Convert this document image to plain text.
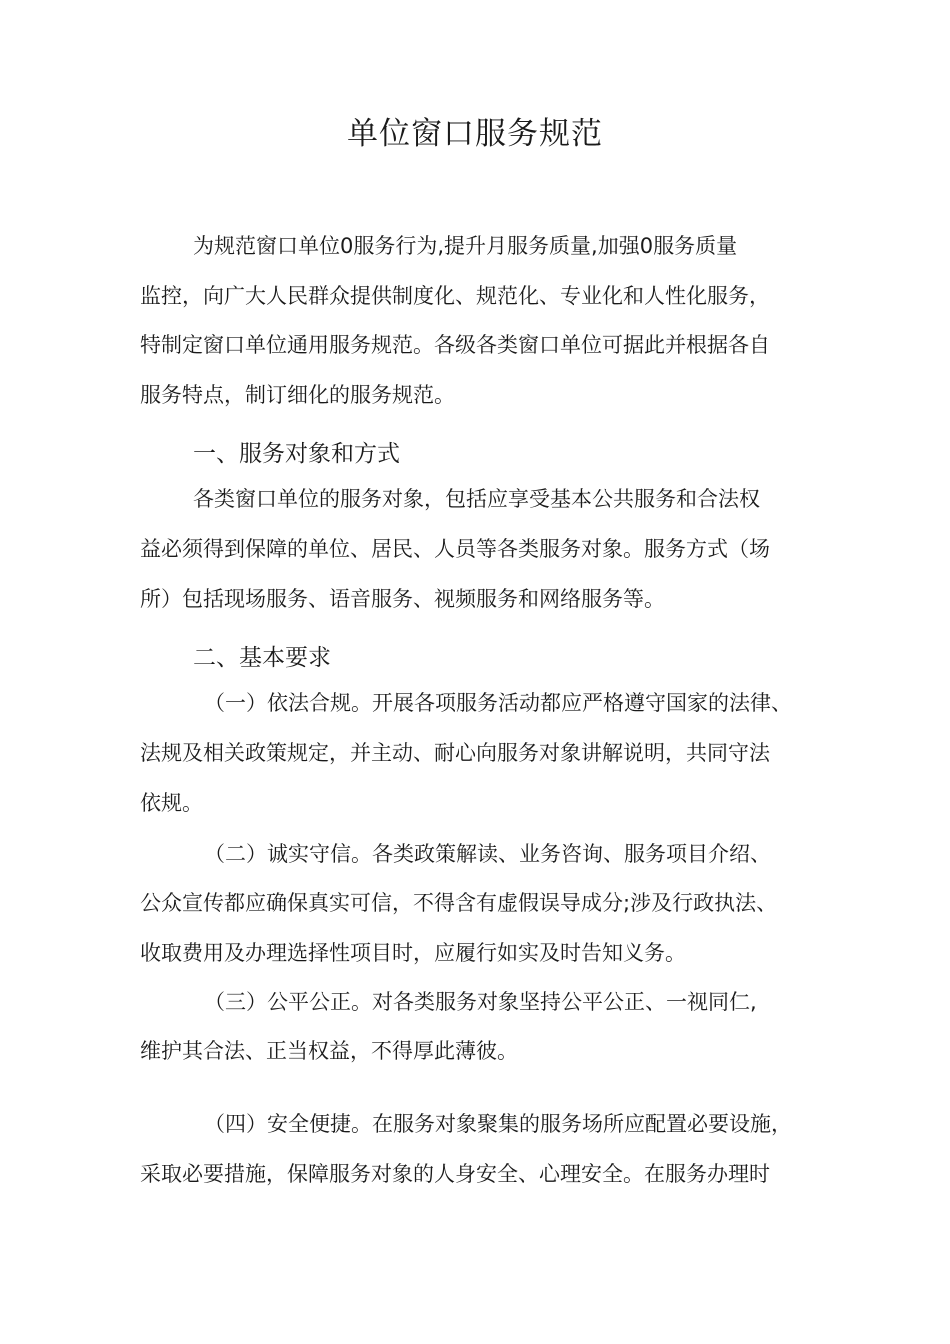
单位窗口服务规范

为规范窗口单位0服务行为,提升月服务质量,加强0服务质量

监控，向广大人民群众提供制度化、规范化、专业化和人性化服务，

特制定窗口单位通用服务规范。各级各类窗口单位可据此并根据各自

服务特点，制订细化的服务规范。

一、服务对象和方式

各类窗口单位的服务对象，包括应享受基本公共服务和合法权

益必须得到保障的单位、居民、人员等各类服务对象。服务方式（场

所）包括现场服务、语音服务、视频服务和网络服务等。

二、基本要求

（一）依法合规。开展各项服务活动都应严格遵守国家的法律、

法规及相关政策规定，并主动、耐心向服务对象讲解说明，共同守法

依规。

（二）诚实守信。各类政策解读、业务咨询、服务项目介绍、

公众宣传都应确保真实可信，不得含有虚假误导成分;涉及行政执法、

收取费用及办理选择性项目时，应履行如实及时告知义务。

（三）公平公正。对各类服务对象坚持公平公正、一视同仁,

维护其合法、正当权益，不得厚此薄彼。

（四）安全便捷。在服务对象聚集的服务场所应配置必要设施，

采取必要措施，保障服务对象的人身安全、心理安全。在服务办理时
